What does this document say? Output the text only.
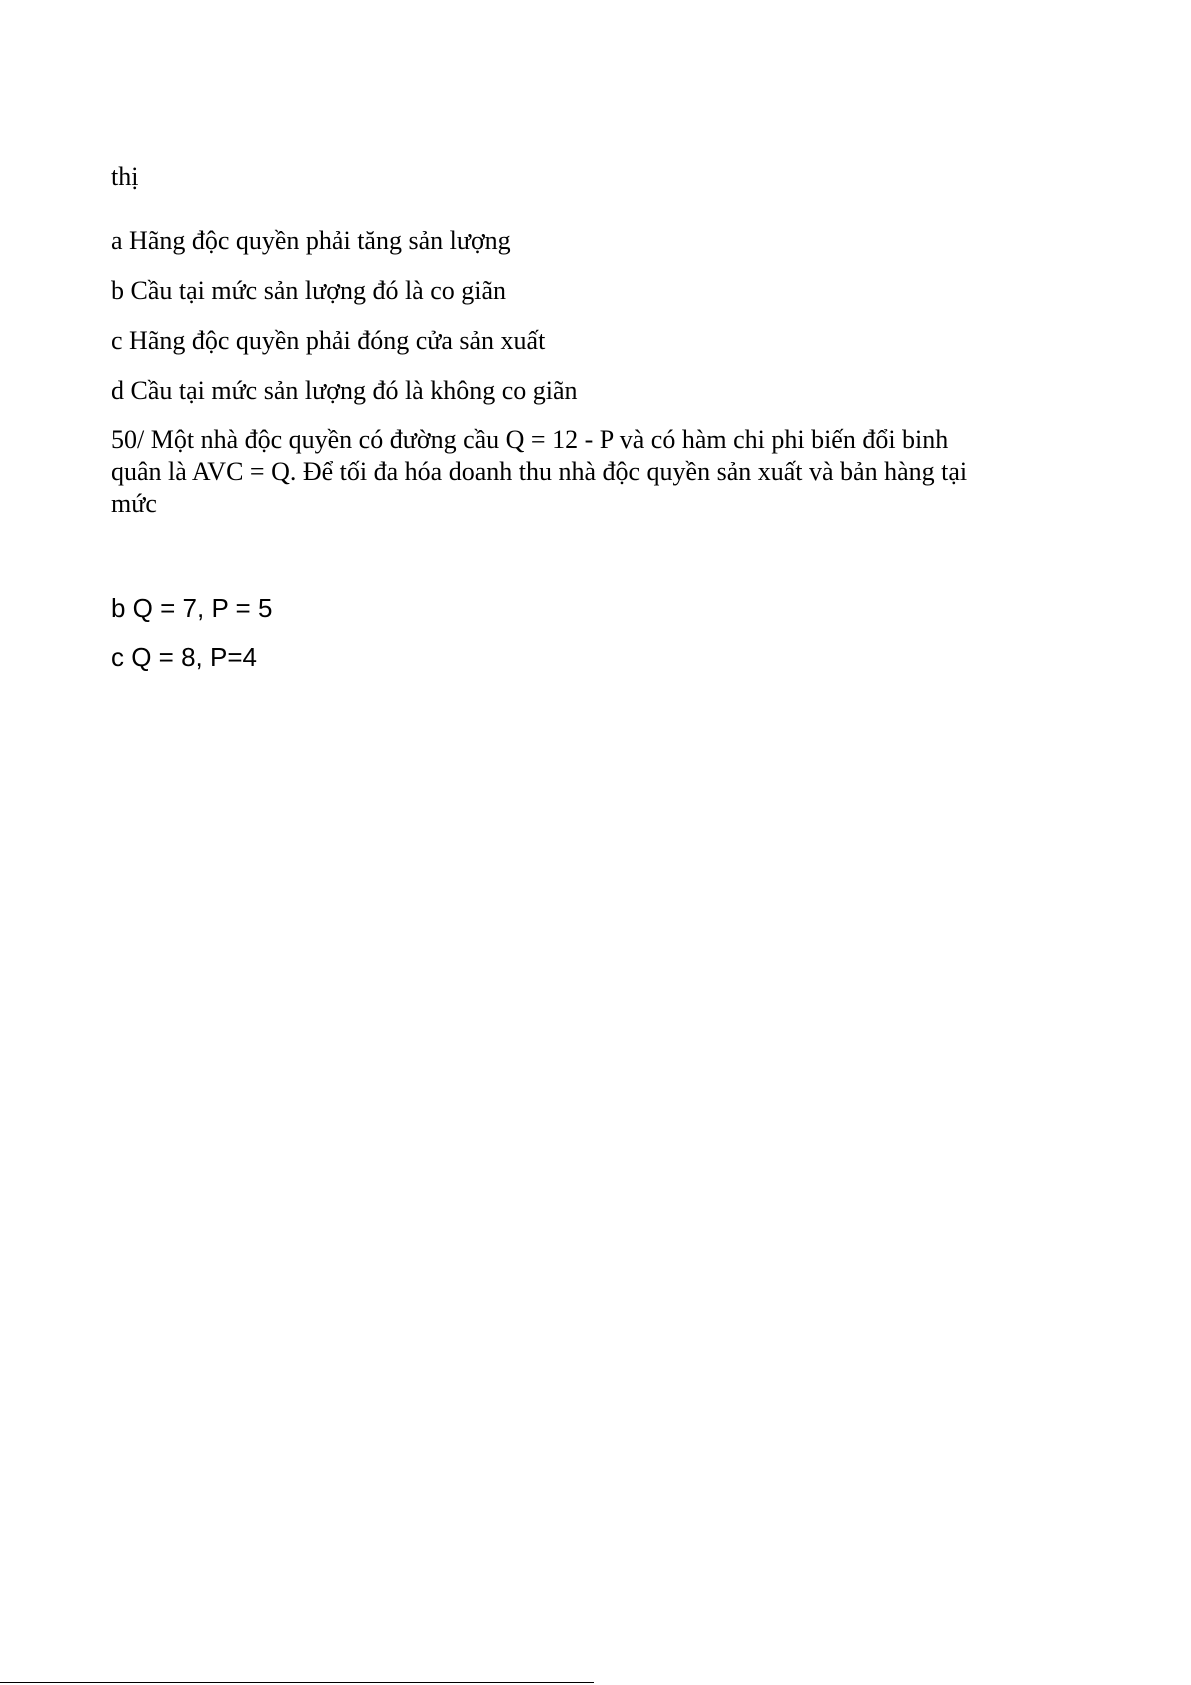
thị
a Hãng độc quyền phải tăng sản lượng
b Cầu tại mức sản lượng đó là co giãn
c Hãng độc quyền phải đóng cửa sản xuất
d Cầu tại mức sản lượng đó là không co giãn
50/ Một nhà độc quyền có đường cầu Q = 12 - P và có hàm chi phi biến đổi binh
quân là AVC = Q. Để tối đa hóa doanh thu nhà độc quyền sản xuất và bản hàng tại
mức
b Q = 7, P = 5
c Q = 8, P=4
